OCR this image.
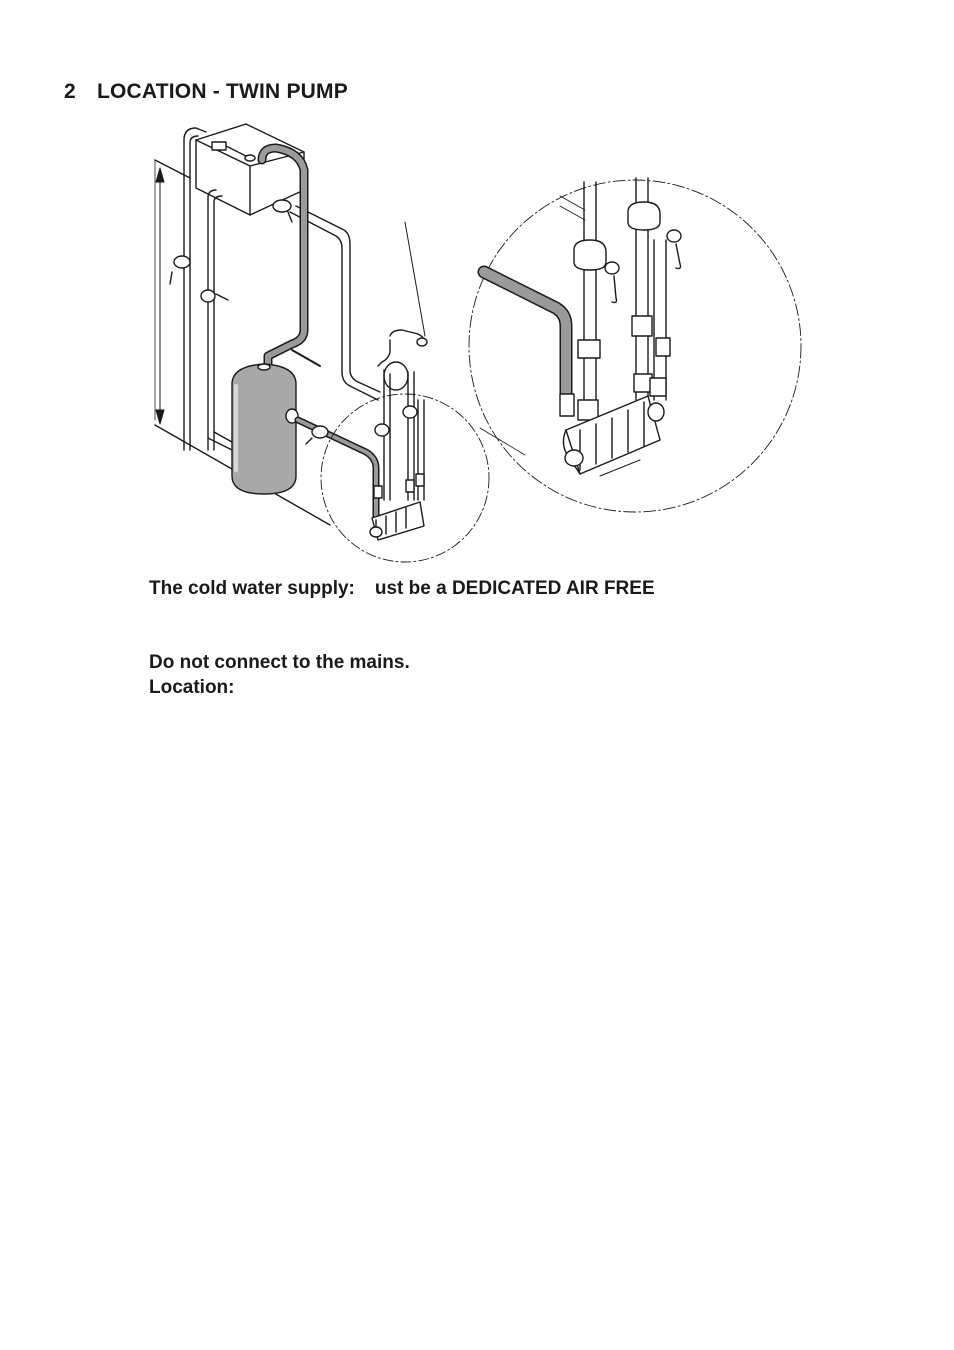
2 LOCATION - TWIN PUMP
The cold water supply: ust be a DEDICATED AIR FREE
Do not connect to the mains.
Location:
